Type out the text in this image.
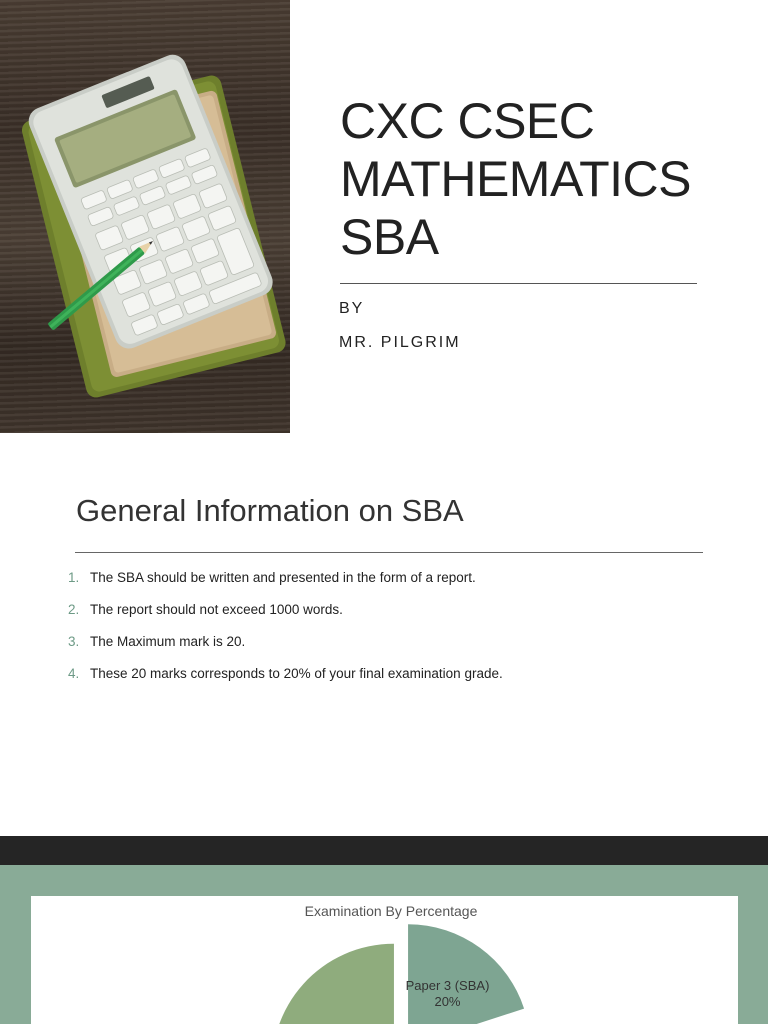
CXC CSEC
MATHEMATICS
SBA
BY
MR. PILGRIM
General Information on SBA
1. The SBA should be written and presented in the form of a report.
2. The report should not exceed 1000 words.
3. The Maximum mark is 20.
4. These 20 marks corresponds to 20% of your final examination grade.
Examination By Percentage
Paper 3 (SBA)
20%
